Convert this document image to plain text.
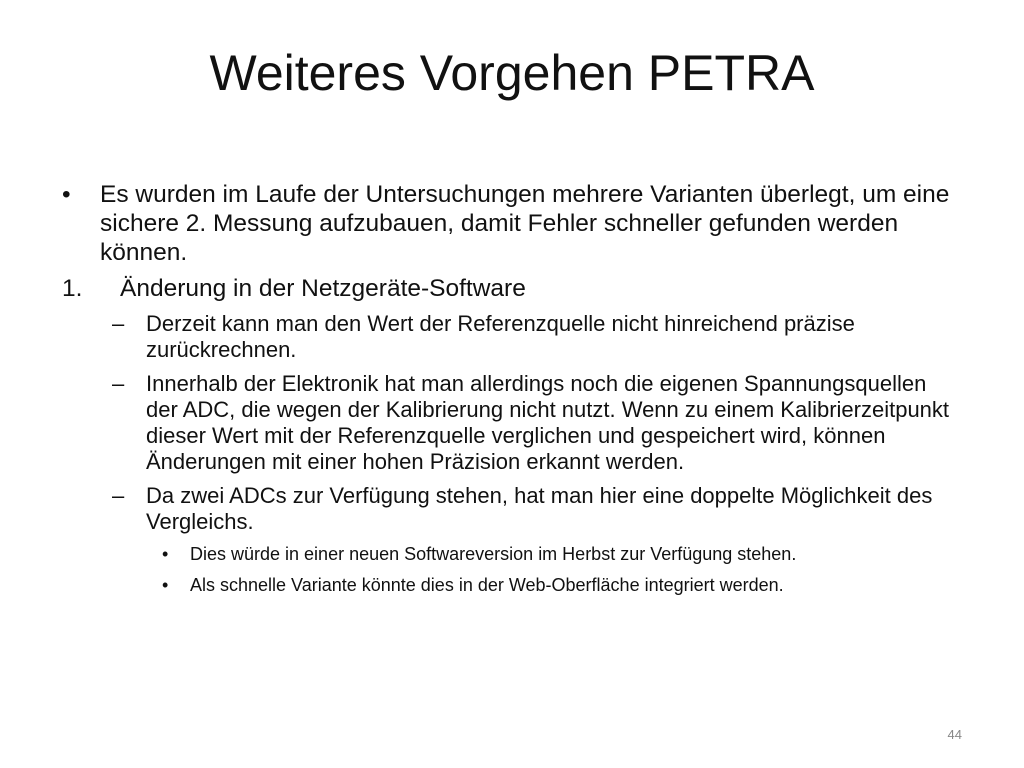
Weiteres Vorgehen PETRA
•	Es wurden im Laufe der Untersuchungen mehrere Varianten überlegt, um eine sichere 2. Messung aufzubauen, damit Fehler schneller gefunden werden können.
1.	Änderung in der Netzgeräte-Software
– Derzeit kann man den Wert der Referenzquelle nicht hinreichend präzise zurückrechnen.
– Innerhalb der Elektronik hat man allerdings noch die eigenen Spannungsquellen der ADC, die wegen der Kalibrierung nicht nutzt. Wenn zu einem Kalibrierzeitpunkt dieser Wert mit der Referenzquelle verglichen und gespeichert wird, können Änderungen mit einer hohen Präzision erkannt werden.
– Da zwei ADCs zur Verfügung stehen, hat man hier eine doppelte Möglichkeit des Vergleichs.
•	Dies würde in einer neuen Softwareversion im Herbst zur Verfügung stehen.
•	Als schnelle Variante könnte dies in der Web-Oberfläche integriert werden.
44
